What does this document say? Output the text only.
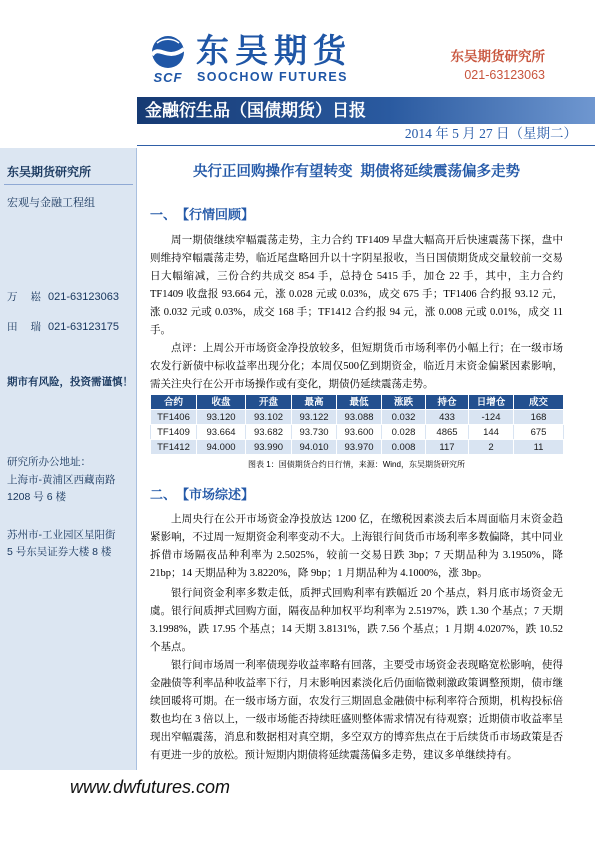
SCF
东吴期货
SOOCHOW FUTURES
东吴期货研究所
021-63123063
金融衍生品（国债期货）日报
2014 年 5 月 27 日（星期二）
东吴期货研究所
宏观与金融工程组
万 崧 021-63123063
田 瑞 021-63123175
期市有风险，投资需谨慎！
研究所办公地址：
上海市-黄浦区西藏南路
1208 号 6 楼
苏州市-工业园区星阳街
5 号东吴证券大楼 8 楼
央行正回购操作有望转变  期债将延续震荡偏多走势
一、【行情回顾】

周一期债继续窄幅震荡走势，主力合约 TF1409 早盘大幅高开后快速震荡下探，盘中则维持窄幅震荡走势，临近尾盘略回升以十字阴星报收，当日国债期货成交量较前一交易日大幅缩减，三份合约共成交 854 手，总持仓 5415 手，加仓 22 手，其中，主力合约 TF1409 收盘报 93.664 元，涨 0.028 元或 0.03%，成交 675 手；TF1406 合约报 93.12 元，涨 0.032 元或 0.03%，成交 168 手；TF1412 合约报 94 元，涨 0.008 元或 0.01%，成交 11 手。

点评：上周公开市场资金净投放较多，但短期货币市场利率仍小幅上行；在一级市场农发行新债中标收益率出现分化；本周仅500亿到期资金，临近月末资金偏紧因素影响，需关注央行在公开市场操作或有变化，期债仍延续震荡走势。

合约	收盘	开盘	最高	最低	涨跌	持仓	日增仓	成交
TF1406	93.120	93.102	93.122	93.088	0.032	433	-124	168
TF1409	93.664	93.682	93.730	93.600	0.028	4865	144	675
TF1412	94.000	93.990	94.010	93.970	0.008	117	2	11
图表 1：国债期货合约日行情，来源：Wind，东吴期货研究所
二、【市场综述】

上周央行在公开市场资金净投放达 1200 亿，在缴税因素淡去后本周面临月末资金趋紧影响，不过周一短期资金利率变动不大。上海银行间货币市场利率多数偏降，其中同业拆借市场隔夜品种利率为 2.5025%，较前一交易日跌 3bp；7 天期品种为 3.1950%，降 21bp；14 天期品种为 3.8220%，降 9bp；1 月期品种为 4.1000%，涨 3bp。

银行间资金利率多数走低，质押式回购利率有跌幅近 20 个基点，料月底市场资金无虞。银行间质押式回购方面，隔夜品种加权平均利率为 2.5197%，跌 1.30 个基点；7 天期 3.1998%，跌 17.95 个基点；14 天期 3.8131%，跌 7.56 个基点；1 月期 4.0207%，跌 10.52 个基点。

银行间市场周一利率债现券收益率略有回落，主要受市场资金表现略宽松影响，使得金融债等利率品种收益率下行，月末影响因素淡化后仍面临微刺激政策调整预期，债市继续回暖将可期。在一级市场方面，农发行三期固息金融债中标利率符合预期，机构投标倍数也均在 3 倍以上，一级市场能否持续旺盛则整体需求情况有待观察；近期债市收益率呈现出窄幅震荡，消息和数据相对真空期，多空双方的博弈焦点在于后续货币市场政策是否有更进一步的放松。预计短期内期债将延续震荡偏多走势，建议多单继续持有。

www.dwfutures.com
